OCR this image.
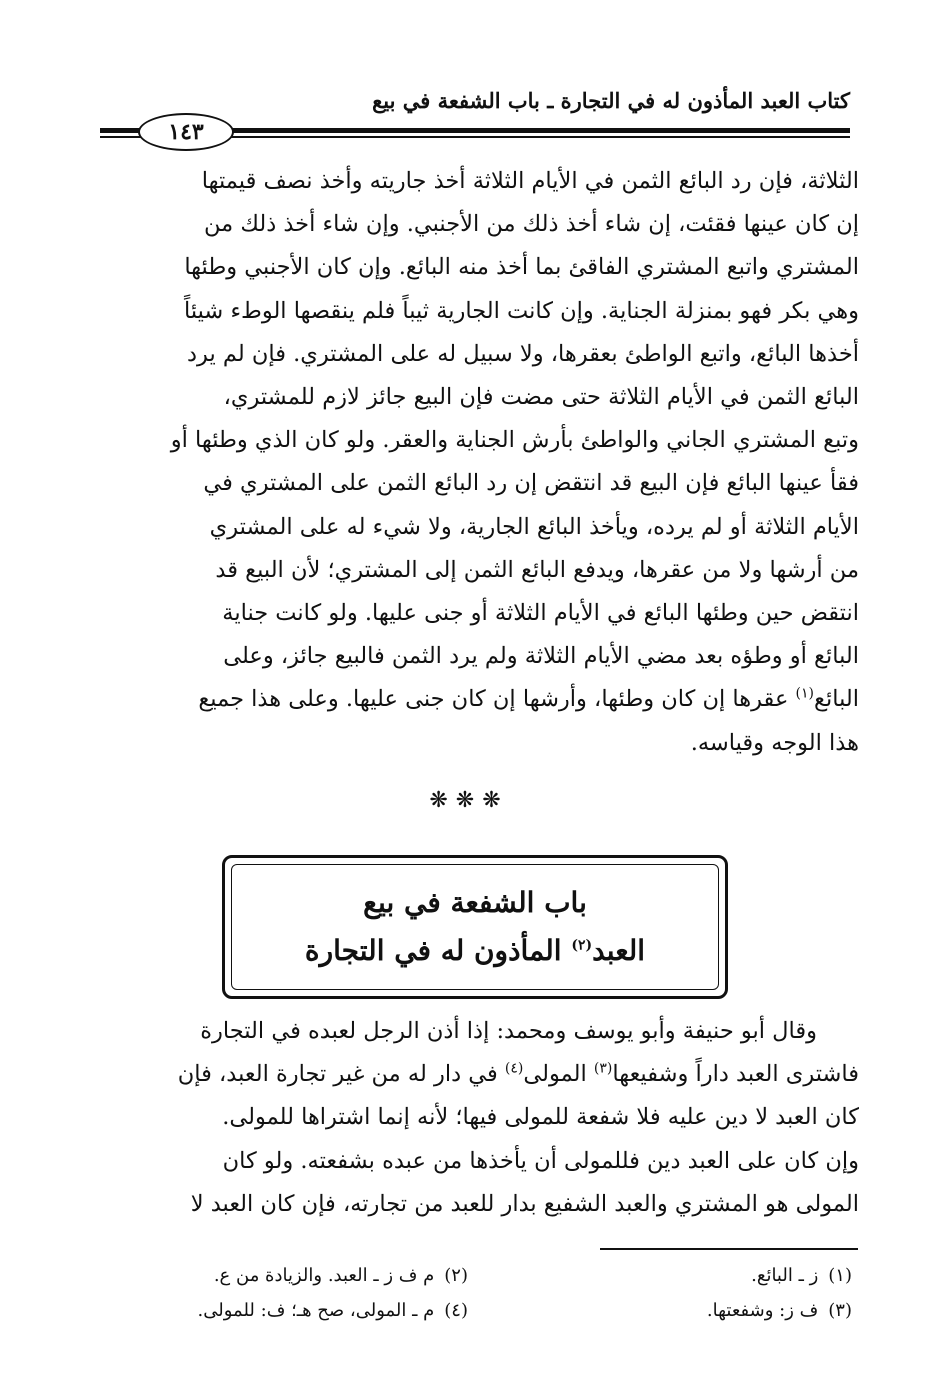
كتاب العبد المأذون له في التجارة ـ باب الشفعة في بيع
١٤٣

الثلاثة، فإن رد البائع الثمن في الأيام الثلاثة أخذ جاريته وأخذ نصف قيمتها

إن كان عينها فقئت، إن شاء أخذ ذلك من الأجنبي. وإن شاء أخذ ذلك من

المشتري واتبع المشتري الفاقئ بما أخذ منه البائع. وإن كان الأجنبي وطئها

وهي بكر فهو بمنزلة الجناية. وإن كانت الجارية ثيباً فلم ينقصها الوطء شيئاً

أخذها البائع، واتبع الواطئ بعقرها، ولا سبيل له على المشتري. فإن لم يرد

البائع الثمن في الأيام الثلاثة حتى مضت فإن البيع جائز لازم للمشتري،

وتبع المشتري الجاني والواطئ بأرش الجناية والعقر. ولو كان الذي وطئها أو

فقأ عينها البائع فإن البيع قد انتقض إن رد البائع الثمن على المشتري في

الأيام الثلاثة أو لم يرده، ويأخذ البائع الجارية، ولا شيء له على المشتري

من أرشها ولا من عقرها، ويدفع البائع الثمن إلى المشتري؛ لأن البيع قد

انتقض حين وطئها البائع في الأيام الثلاثة أو جنى عليها. ولو كانت جناية

البائع أو وطؤه بعد مضي الأيام الثلاثة ولم يرد الثمن فالبيع جائز، وعلى

البائع$^{(١)}$ عقرها إن كان وطئها، وأرشها إن كان جنى عليها. وعلى هذا جميع

هذا الوجه وقياسه.

❋❋❋
باب الشفعة في بيع
العبد$^{(٢)}$ المأذون له في التجارة

وقال أبو حنيفة وأبو يوسف ومحمد: إذا أذن الرجل لعبده في التجارة

فاشترى العبد داراً وشفيعها$^{(٣)}$ المولى$^{(٤)}$ في دار له من غير تجارة العبد، فإن

كان العبد لا دين عليه فلا شفعة للمولى فيها؛ لأنه إنما اشتراها للمولى.

وإن كان على العبد دين فللمولى أن يأخذها من عبده بشفعته. ولو كان

المولى هو المشتري والعبد الشفيع بدار للعبد من تجارته، فإن كان العبد لا

(١)ز ـ البائع.
(٢)م ف ز ـ العبد. والزيادة من ع.
(٣)ف ز: وشفعتها.
(٤)م ـ المولى، صح هـ؛ ف: للمولى.
